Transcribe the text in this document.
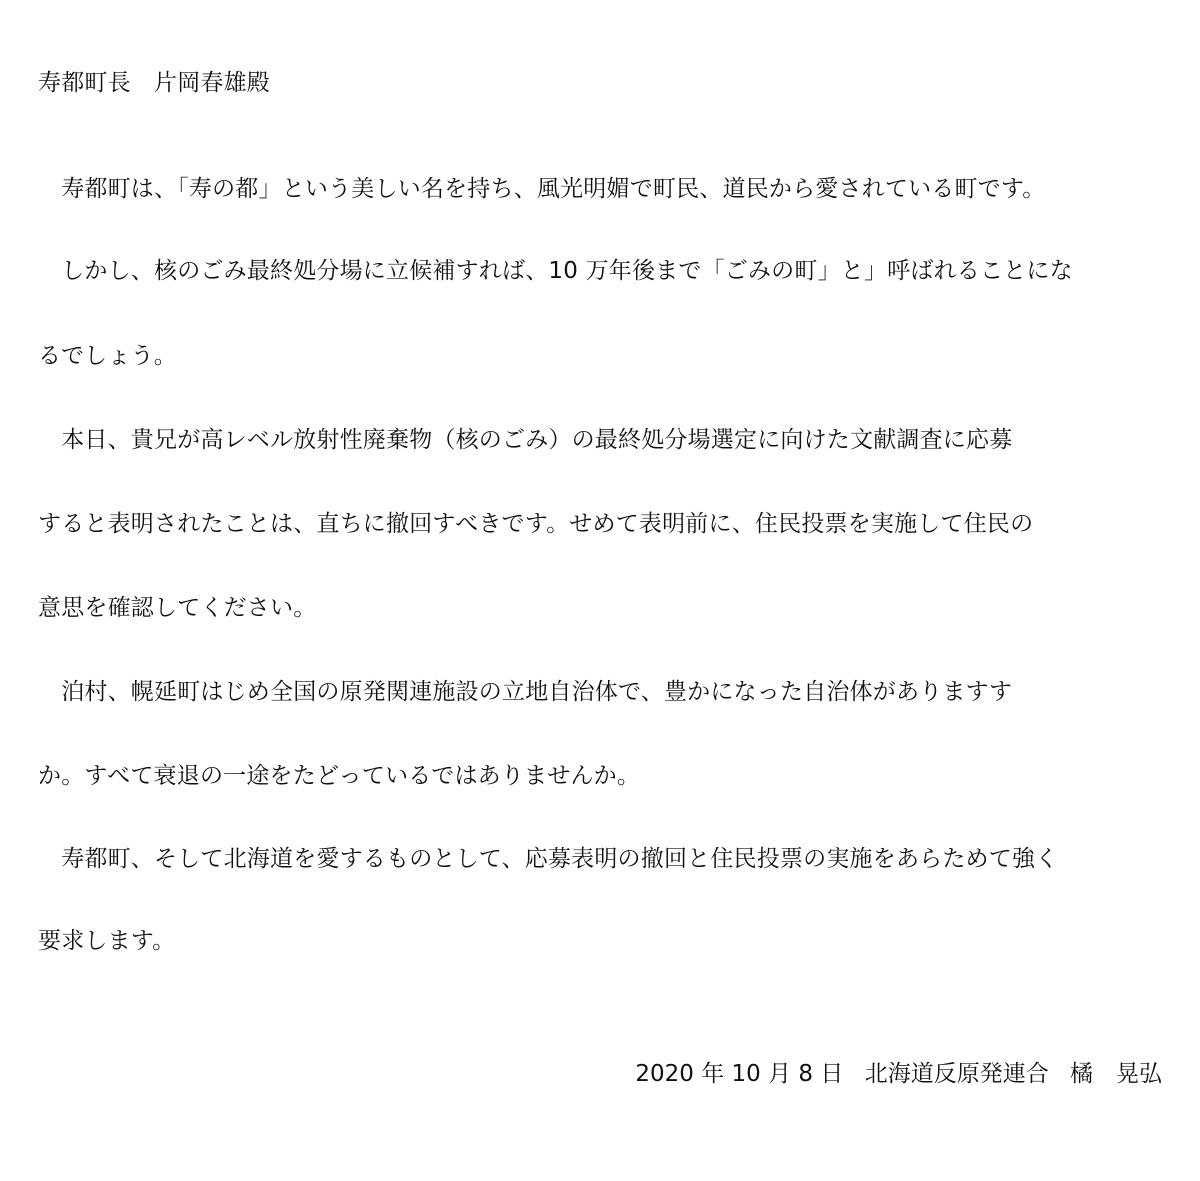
寿都町長　片岡春雄殿
寿都町は、「寿の都」という美しい名を持ち、風光明媚で町民、道民から愛されている町です。
しかし、核のごみ最終処分場に立候補すれば、10 万年後まで「ごみの町」と」呼ばれることにな
るでしょう。
本日、貴兄が高レベル放射性廃棄物（核のごみ）の最終処分場選定に向けた文献調査に応募
すると表明されたことは、直ちに撤回すべきです。せめて表明前に、住民投票を実施して住民の
意思を確認してください。
泊村、幌延町はじめ全国の原発関連施設の立地自治体で、豊かになった自治体がありますす
か。すべて衰退の一途をたどっているではありませんか。
寿都町、そして北海道を愛するものとして、応募表明の撤回と住民投票の実施をあらためて強く
要求します。
2020 年 10 月 8 日 北海道反原発連合 橘　晃弘
